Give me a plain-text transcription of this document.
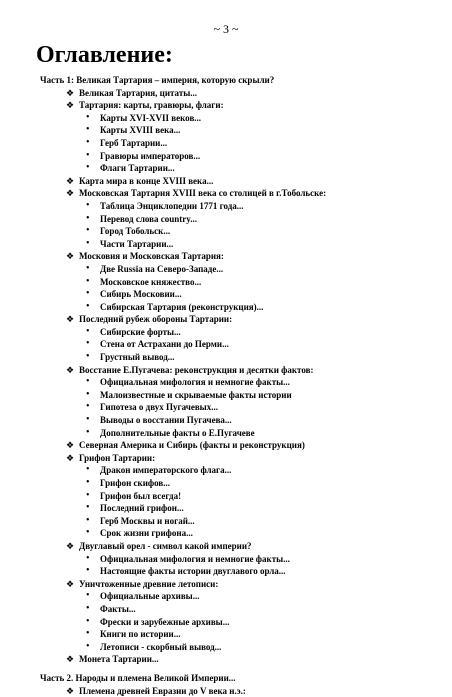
~ 3 ~
Оглавление:
Часть 1: Великая Тартария – империя, которую скрыли?
❖ Великая Тартария, цитаты...
❖ Тартария: карты, гравюры, флаги:
• Карты XVI-XVII веков...
• Карты XVIII века...
• Герб Тартарии...
• Гравюры императоров...
• Флаги Тартарии...
❖ Карта мира в конце XVIII века...
❖ Московская Тартария XVIII века со столицей в г.Тобольске:
• Таблица Энциклопедии 1771 года...
• Перевод слова country...
• Город Тобольск...
• Части Тартарии...
❖ Московия и Московская Тартария:
• Две Russia на Северо-Западе...
• Московское княжество...
• Сибирь Московии...
• Сибирская Тартария (реконструкция)...
❖ Последний рубеж обороны Тартарии:
• Сибирские форты...
• Стена от Астрахани до Перми...
• Грустный вывод...
❖ Восстание Е.Пугачева: реконструкция и десятки фактов:
• Официальная мифология и немногие факты...
• Малоизвестные и скрываемые факты истории
• Гипотеза о двух Пугачевых...
• Выводы о восстании Пугачева...
• Дополнительные факты о Е.Пугачеве
❖ Северная Америка и Сибирь (факты и реконструкция)
❖ Грифон Тартарии:
• Дракон императорского флага...
• Грифон скифов...
• Грифон был всегда!
• Последний грифон...
• Герб Москвы и ногай...
• Срок жизни грифона...
❖ Двуглавый орел - символ какой империи?
• Официальная мифология и немногие факты...
• Настоящие факты истории двуглавого орла...
❖ Уничтоженные древние летописи:
• Официальные архивы...
• Факты...
• Фрески и зарубежные архивы...
• Книги по истории...
• Летописи - скорбный вывод...
❖ Монета Тартарии...
Часть 2. Народы и племена Великой Империи...
❖ Племена древней Евразии до V века н.э.:
